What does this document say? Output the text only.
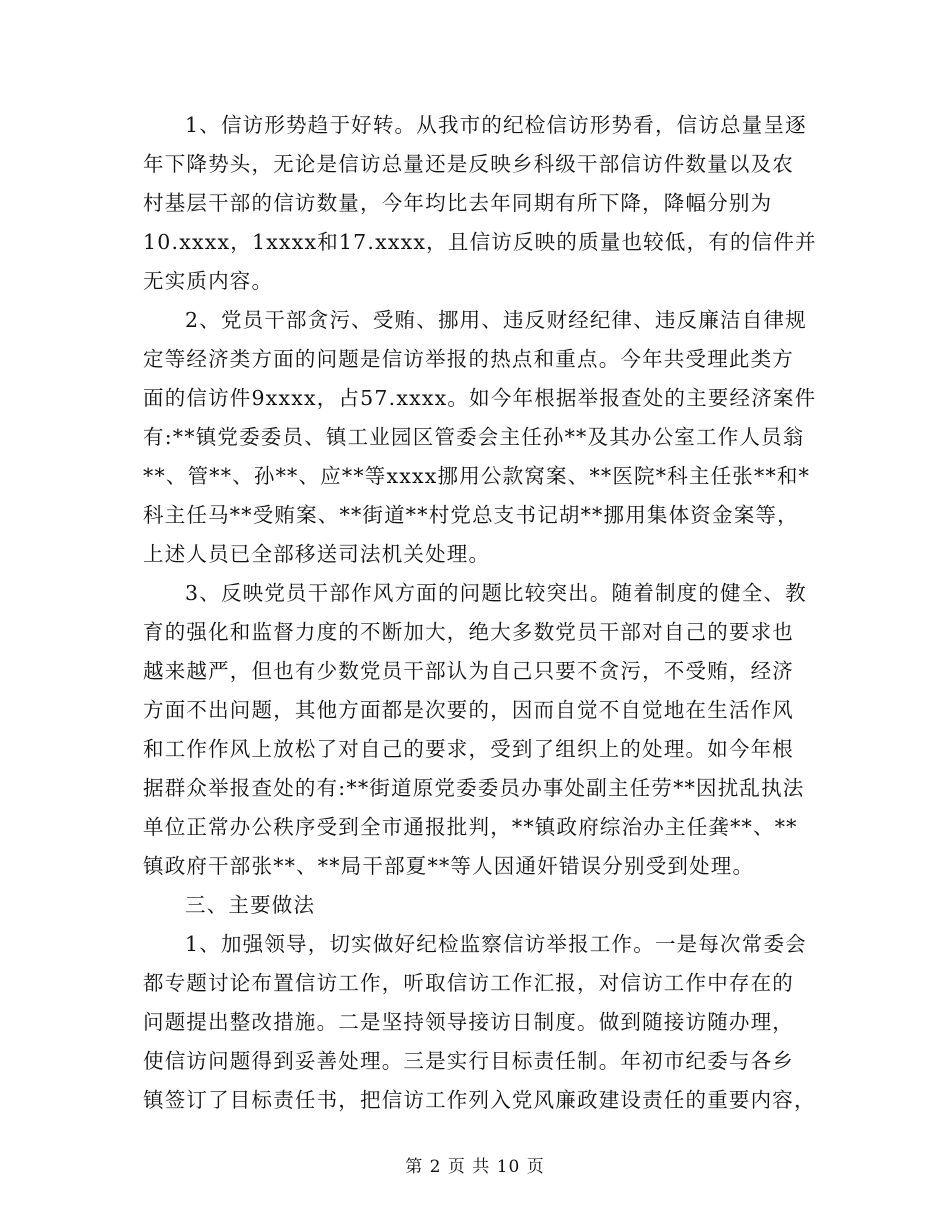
1、信访形势趋于好转。从我市的纪检信访形势看，信访总量呈逐
年下降势头，无论是信访总量还是反映乡科级干部信访件数量以及农
村基层干部的信访数量，今年均比去年同期有所下降，降幅分别为
10.xxxx，1xxxx和17.xxxx，且信访反映的质量也较低，有的信件并
无实质内容。
2、党员干部贪污、受贿、挪用、违反财经纪律、违反廉洁自律规
定等经济类方面的问题是信访举报的热点和重点。今年共受理此类方
面的信访件9xxxx，占57.xxxx。如今年根据举报查处的主要经济案件
有:**镇党委委员、镇工业园区管委会主任孙**及其办公室工作人员翁
**、管**、孙**、应**等xxxx挪用公款窝案、**医院*科主任张**和*
科主任马**受贿案、**街道**村党总支书记胡**挪用集体资金案等，
上述人员已全部移送司法机关处理。
3、反映党员干部作风方面的问题比较突出。随着制度的健全、教
育的强化和监督力度的不断加大，绝大多数党员干部对自己的要求也
越来越严，但也有少数党员干部认为自己只要不贪污，不受贿，经济
方面不出问题，其他方面都是次要的，因而自觉不自觉地在生活作风
和工作作风上放松了对自己的要求，受到了组织上的处理。如今年根
据群众举报查处的有:**街道原党委委员办事处副主任劳**因扰乱执法
单位正常办公秩序受到全市通报批判，**镇政府综治办主任龚**、**
镇政府干部张**、**局干部夏**等人因通奸错误分别受到处理。
三、主要做法
1、加强领导，切实做好纪检监察信访举报工作。一是每次常委会
都专题讨论布置信访工作，听取信访工作汇报，对信访工作中存在的
问题提出整改措施。二是坚持领导接访日制度。做到随接访随办理，
使信访问题得到妥善处理。三是实行目标责任制。年初市纪委与各乡
镇签订了目标责任书，把信访工作列入党风廉政建设责任的重要内容，
第 2 页 共 10 页
